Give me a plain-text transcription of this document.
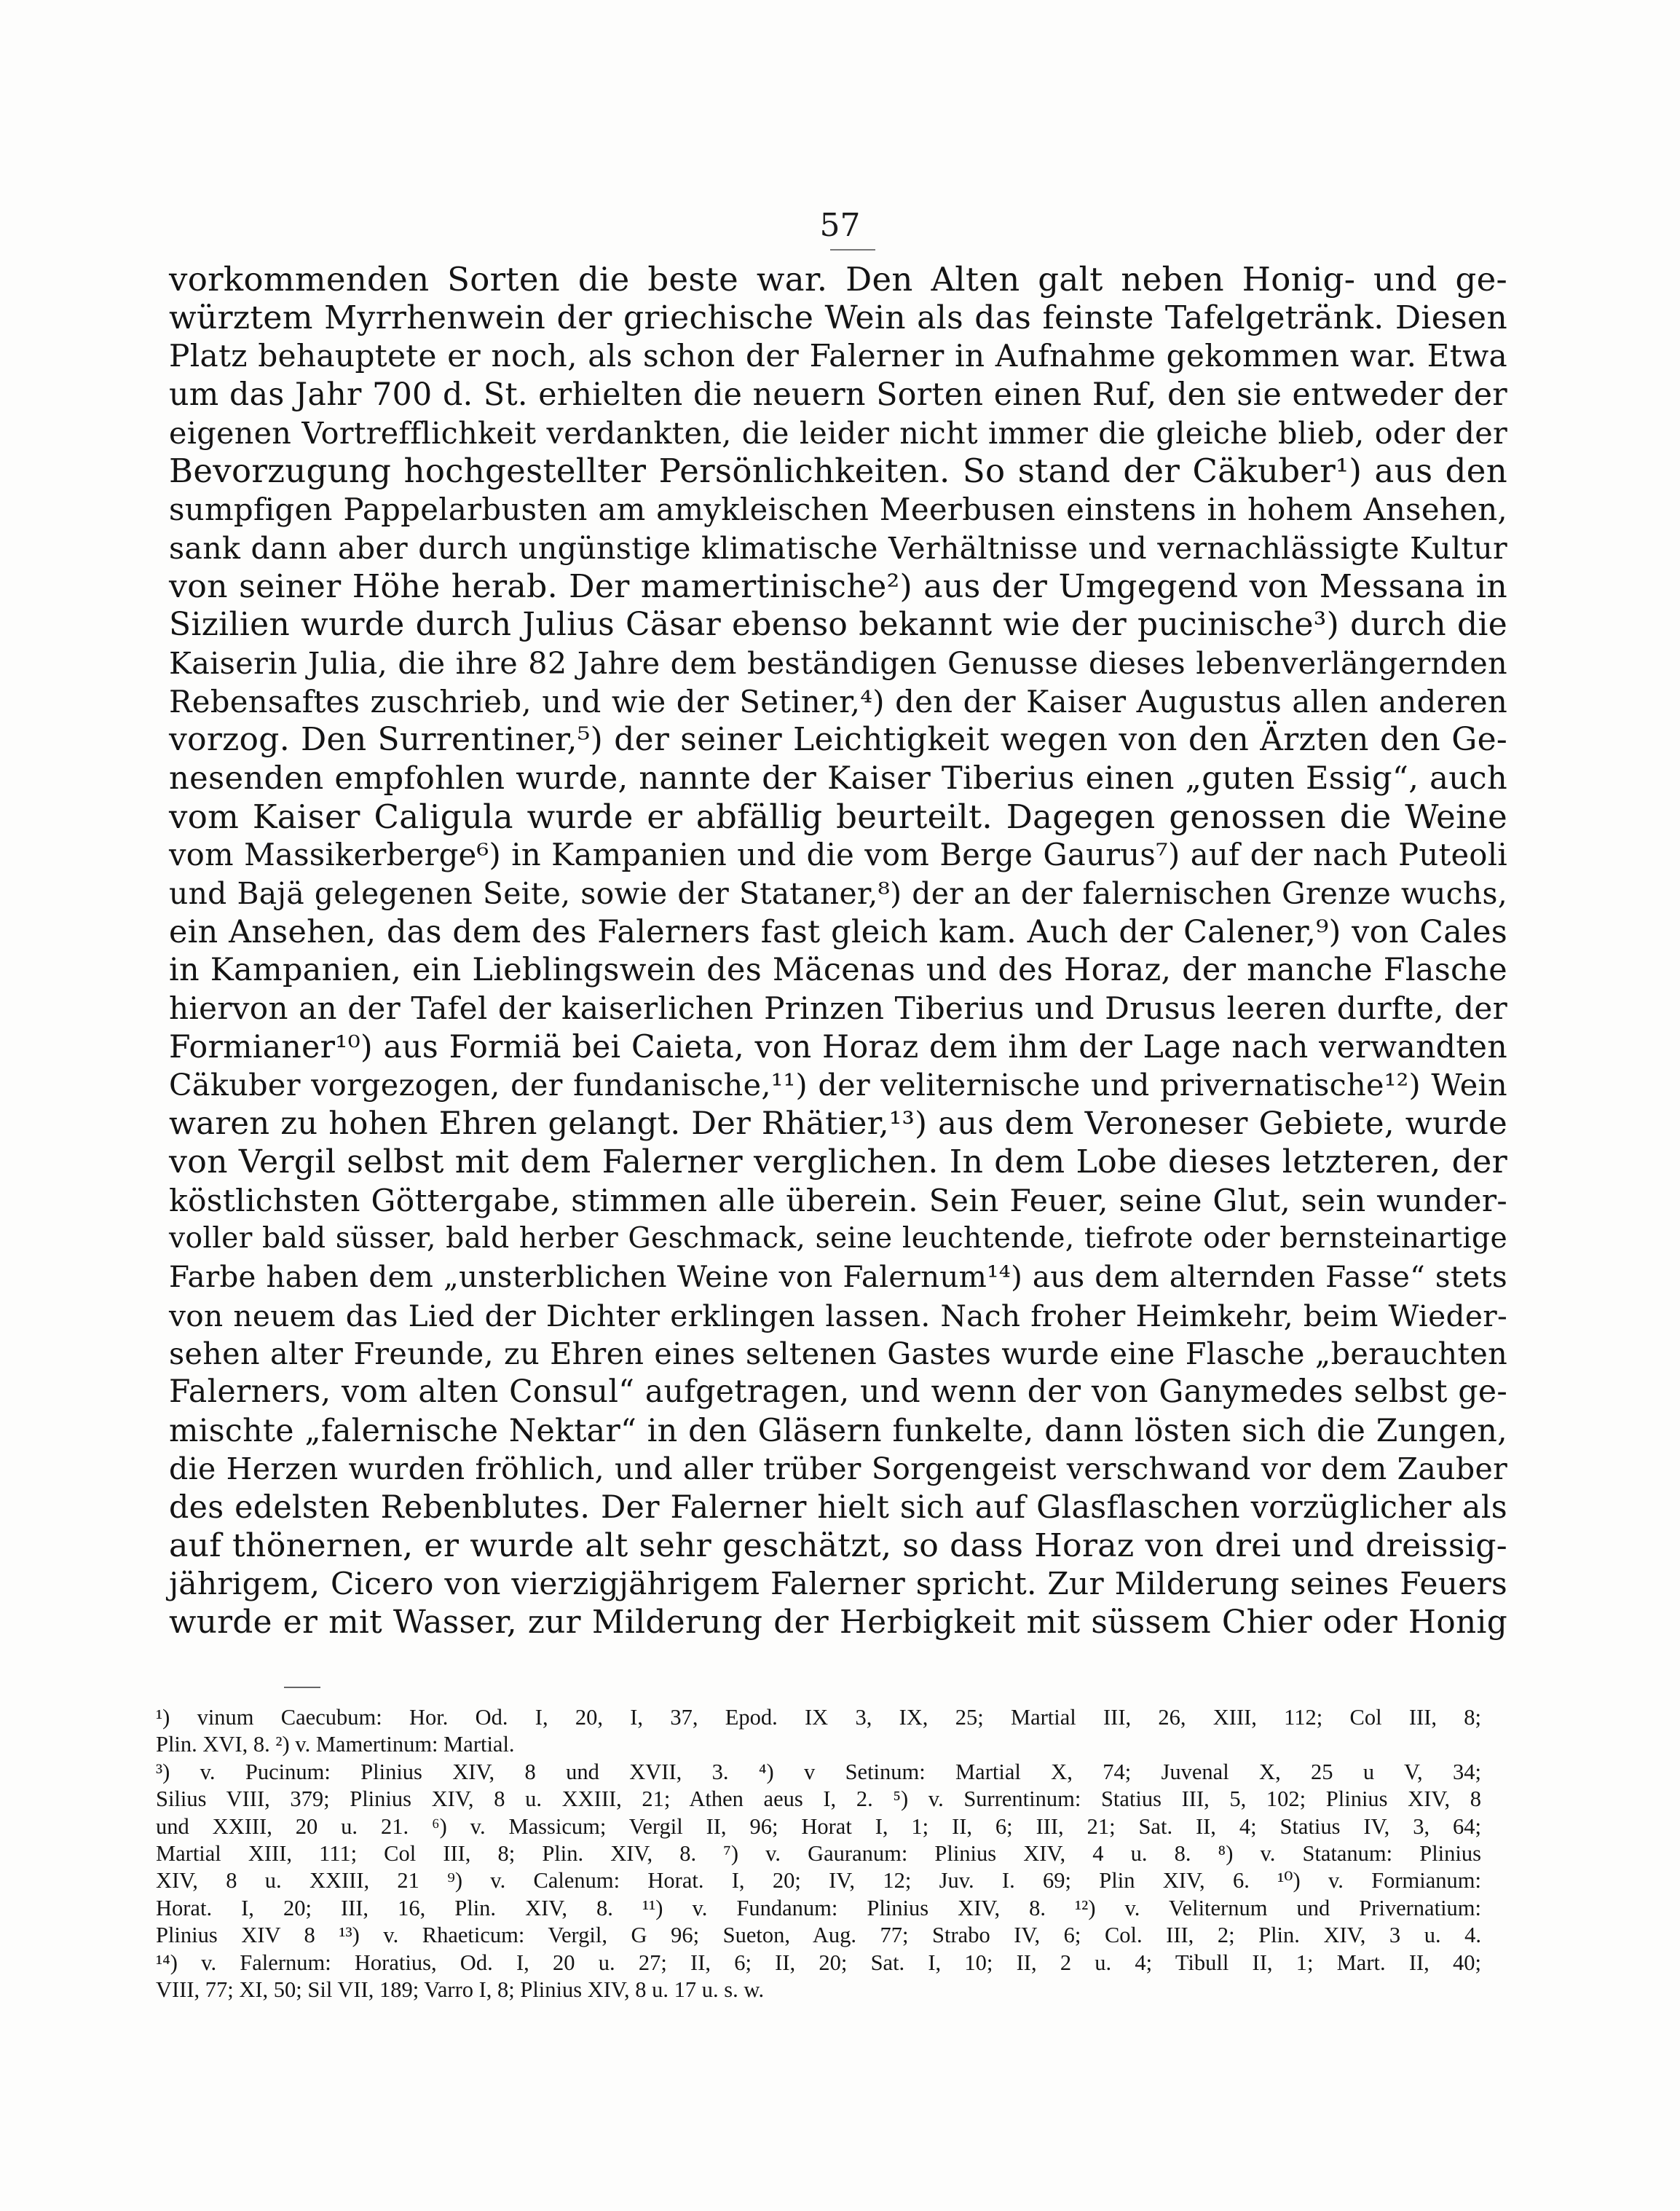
57
vorkommenden Sorten die beste war. Den Alten galt neben Honig- und ge-
würztem Myrrhenwein der griechische Wein als das feinste Tafelgetränk. Diesen
Platz behauptete er noch, als schon der Falerner in Aufnahme gekommen war. Etwa
um das Jahr 700 d. St. erhielten die neuern Sorten einen Ruf, den sie entweder der
eigenen Vortrefflichkeit verdankten, die leider nicht immer die gleiche blieb, oder der
Bevorzugung hochgestellter Persönlichkeiten. So stand der Cäkuber¹) aus den
sumpfigen Pappelarbusten am amykleischen Meerbusen einstens in hohem Ansehen,
sank dann aber durch ungünstige klimatische Verhältnisse und vernachlässigte Kultur
von seiner Höhe herab. Der mamertinische²) aus der Umgegend von Messana in
Sizilien wurde durch Julius Cäsar ebenso bekannt wie der pucinische³) durch die
Kaiserin Julia, die ihre 82 Jahre dem beständigen Genusse dieses lebenverlängernden
Rebensaftes zuschrieb, und wie der Setiner,⁴) den der Kaiser Augustus allen anderen
vorzog. Den Surrentiner,⁵) der seiner Leichtigkeit wegen von den Ärzten den Ge-
nesenden empfohlen wurde, nannte der Kaiser Tiberius einen „guten Essig“, auch
vom Kaiser Caligula wurde er abfällig beurteilt. Dagegen genossen die Weine
vom Massikerberge⁶) in Kampanien und die vom Berge Gaurus⁷) auf der nach Puteoli
und Bajä gelegenen Seite, sowie der Stataner,⁸) der an der falernischen Grenze wuchs,
ein Ansehen, das dem des Falerners fast gleich kam. Auch der Calener,⁹) von Cales
in Kampanien, ein Lieblingswein des Mäcenas und des Horaz, der manche Flasche
hiervon an der Tafel der kaiserlichen Prinzen Tiberius und Drusus leeren durfte, der
Formianer¹⁰) aus Formiä bei Caieta, von Horaz dem ihm der Lage nach verwandten
Cäkuber vorgezogen, der fundanische,¹¹) der veliternische und privernatische¹²) Wein
waren zu hohen Ehren gelangt. Der Rhätier,¹³) aus dem Veroneser Gebiete, wurde
von Vergil selbst mit dem Falerner verglichen. In dem Lobe dieses letzteren, der
köstlichsten Göttergabe, stimmen alle überein. Sein Feuer, seine Glut, sein wunder-
voller bald süsser, bald herber Geschmack, seine leuchtende, tiefrote oder bernsteinartige
Farbe haben dem „unsterblichen Weine von Falernum¹⁴) aus dem alternden Fasse“ stets
von neuem das Lied der Dichter erklingen lassen. Nach froher Heimkehr, beim Wieder-
sehen alter Freunde, zu Ehren eines seltenen Gastes wurde eine Flasche „berauchten
Falerners, vom alten Consul“ aufgetragen, und wenn der von Ganymedes selbst ge-
mischte „falernische Nektar“ in den Gläsern funkelte, dann lösten sich die Zungen,
die Herzen wurden fröhlich, und aller trüber Sorgengeist verschwand vor dem Zauber
des edelsten Rebenblutes. Der Falerner hielt sich auf Glasflaschen vorzüglicher als
auf thönernen, er wurde alt sehr geschätzt, so dass Horaz von drei und dreissig-
jährigem, Cicero von vierzigjährigem Falerner spricht. Zur Milderung seines Feuers
wurde er mit Wasser, zur Milderung der Herbigkeit mit süssem Chier oder Honig
¹) vinum Caecubum: Hor. Od. I, 20, I, 37, Epod. IX 3, IX, 25; Martial III, 26, XIII, 112; Col III, 8;
Plin. XVI, 8. ²) v. Mamertinum: Martial.
³) v. Pucinum: Plinius XIV, 8 und XVII, 3. ⁴) v Setinum: Martial X, 74; Juvenal X, 25 u V, 34;
Silius VIII, 379; Plinius XIV, 8 u. XXIII, 21; Athen aeus I, 2. ⁵) v. Surrentinum: Statius III, 5, 102; Plinius XIV, 8
und XXIII, 20 u. 21. ⁶) v. Massicum; Vergil II, 96; Horat I, 1; II, 6; III, 21; Sat. II, 4; Statius IV, 3, 64;
Martial XIII, 111; Col III, 8; Plin. XIV, 8. ⁷) v. Gauranum: Plinius XIV, 4 u. 8. ⁸) v. Statanum: Plinius
XIV, 8 u. XXIII, 21 ⁹) v. Calenum: Horat. I, 20; IV, 12; Juv. I. 69; Plin XIV, 6. ¹⁰) v. Formianum:
Horat. I, 20; III, 16, Plin. XIV, 8. ¹¹) v. Fundanum: Plinius XIV, 8. ¹²) v. Veliternum und Privernatium:
Plinius XIV 8 ¹³) v. Rhaeticum: Vergil, G 96; Sueton, Aug. 77; Strabo IV, 6; Col. III, 2; Plin. XIV, 3 u. 4.
¹⁴) v. Falernum: Horatius, Od. I, 20 u. 27; II, 6; II, 20; Sat. I, 10; II, 2 u. 4; Tibull II, 1; Mart. II, 40;
VIII, 77; XI, 50; Sil VII, 189; Varro I, 8; Plinius XIV, 8 u. 17 u. s. w.
